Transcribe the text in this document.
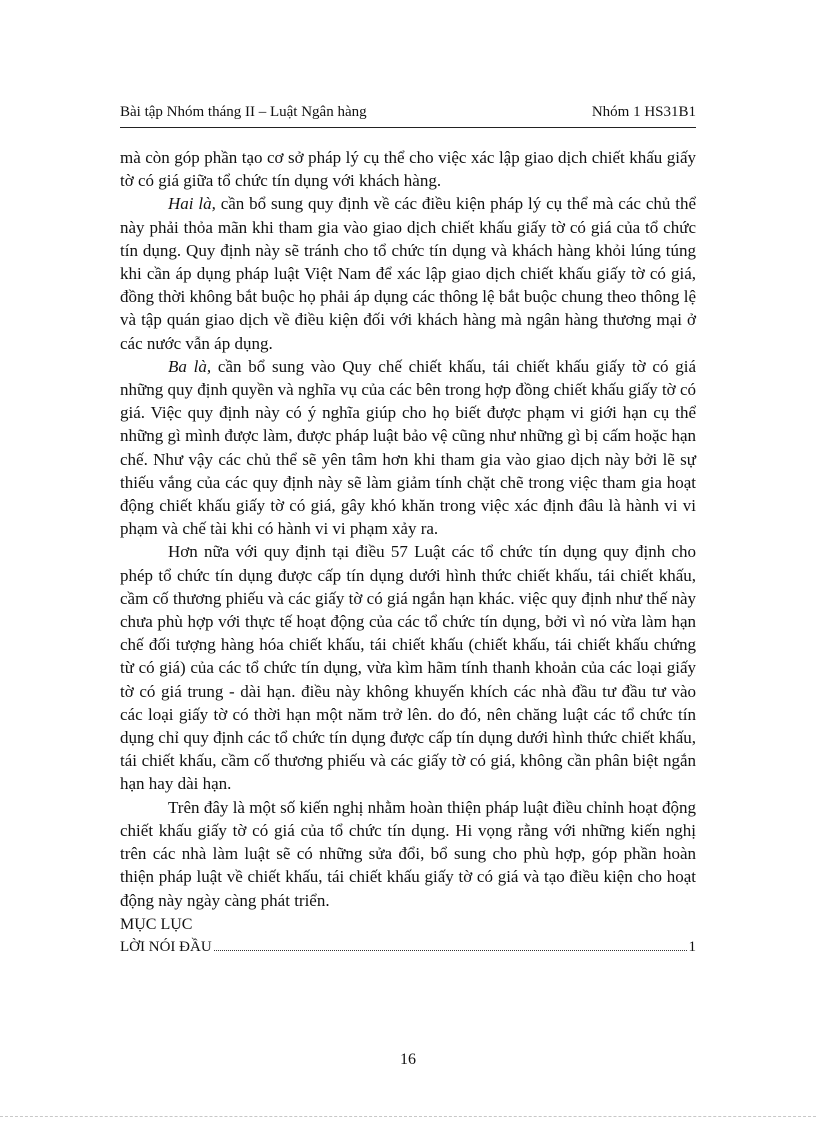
Bài tập Nhóm tháng II – Luật Ngân hàng	Nhóm 1 HS31B1

mà còn góp phần tạo cơ sở pháp lý cụ thể cho việc xác lập giao dịch chiết khấu giấy tờ có giá giữa tổ chức tín dụng với khách hàng.

Hai là, cần bổ sung quy định về các điều kiện pháp lý cụ thể mà các chủ thể này phải thỏa mãn khi tham gia vào giao dịch chiết khấu giấy tờ có giá của tổ chức tín dụng. Quy định này sẽ tránh cho tổ chức tín dụng và khách hàng khỏi lúng túng khi cần áp dụng pháp luật Việt Nam để xác lập giao dịch chiết khấu giấy tờ có giá, đồng thời không bắt buộc họ phải áp dụng các thông lệ bắt buộc chung theo thông lệ và tập quán giao dịch về điều kiện đối với khách hàng mà ngân hàng thương mại ở các nước vẫn áp dụng.

Ba là, cần bổ sung vào Quy chế chiết khấu, tái chiết khấu giấy tờ có giá những quy định quyền và nghĩa vụ của các bên trong hợp đồng chiết khấu giấy tờ có giá. Việc quy định này có ý nghĩa giúp cho họ biết được phạm vi giới hạn cụ thể những gì mình được làm, được pháp luật bảo vệ cũng như những gì bị cấm hoặc hạn chế. Như vậy các chủ thể sẽ yên tâm hơn khi tham gia vào giao dịch này bởi lẽ sự thiếu vắng của các quy định này sẽ làm giảm tính chặt chẽ trong việc tham gia hoạt động chiết khấu giấy tờ có giá, gây khó khăn trong việc xác định đâu là hành vi vi phạm và chế tài khi có hành vi vi phạm xảy ra.

Hơn nữa với quy định tại điều 57 Luật các tổ chức tín dụng quy định cho phép tổ chức tín dụng được cấp tín dụng dưới hình thức chiết khấu, tái chiết khấu, cầm cố thương phiếu và các giấy tờ có giá ngắn hạn khác. việc quy định như thế này chưa phù hợp với thực tế hoạt động của các tổ chức tín dụng, bởi vì nó vừa làm hạn chế đối tượng hàng hóa chiết khấu, tái chiết khấu (chiết khấu, tái chiết khấu chứng từ có giá) của các tổ chức tín dụng, vừa kìm hãm tính thanh khoản của các loại giấy tờ có giá trung - dài hạn. điều này không khuyến khích các nhà đầu tư đầu tư vào các loại giấy tờ có thời hạn một năm trở lên. do đó, nên chăng luật các tổ chức tín dụng chỉ quy định các tổ chức tín dụng được cấp tín dụng dưới hình thức chiết khấu, tái chiết khấu, cầm cố thương phiếu và các giấy tờ có giá, không cần phân biệt ngắn hạn hay dài hạn.

Trên đây là một số kiến nghị nhằm hoàn thiện pháp luật điều chỉnh hoạt động chiết khấu giấy tờ có giá của tổ chức tín dụng. Hi vọng rằng với những kiến nghị trên các nhà làm luật sẽ có những sửa đổi, bổ sung cho phù hợp, góp phần hoàn thiện pháp luật về chiết khấu, tái chiết khấu giấy tờ có giá và tạo điều kiện cho hoạt động này ngày càng phát triển.

MỤC LỤC
LỜI NÓI ĐẦU	1
16
